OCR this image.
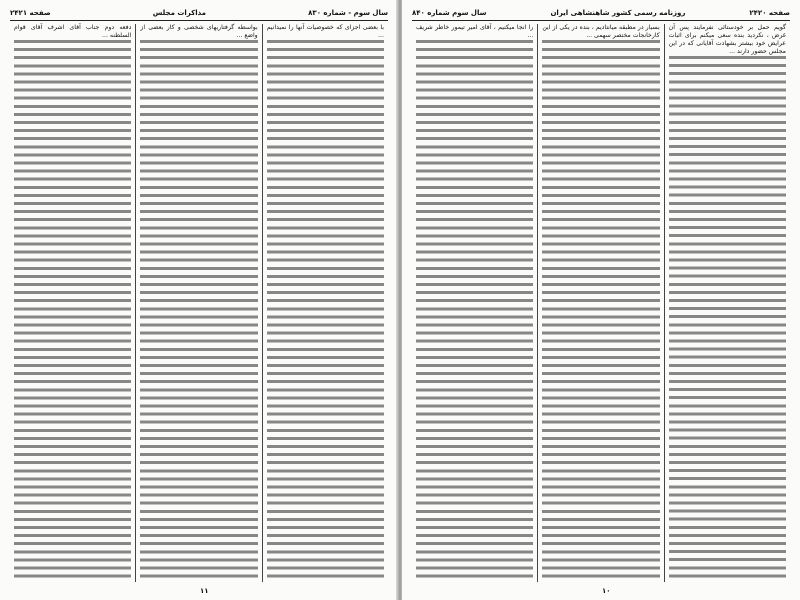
سال سوم - شماره ۸۳۰
مذاکرات مجلس
صفحه ۲۴۲۱
با بعضی اجزای که خصوصیات آنها را نمیدانیم ...
بواسطه گرفتاریهای شخصی و کار بعضی از واضع ...
دفعه دوم جناب آقای اشرف آقای قوام السلطنه ...
۱۱
صفحه ۲۴۲۰
روزنامه رسمی کشور شاهنشاهی ایران
سال سوم شماره ۸۴۰
گویم حمل بر خودستائی نفرمایند پس آن غرض ، نکردید بنده سعی میکنم برای اثبات عرایض خود بیشتر بشهادت آقایانی که در این مجلس حضور دارند ...
بسیار در مطبقه میانتادیم ، بنده در یکی از این کارخانجات مختصر سهمی ...
را انجا میکنیم ، آقای امیر تیمور خاطر شریف ...
۱۰
